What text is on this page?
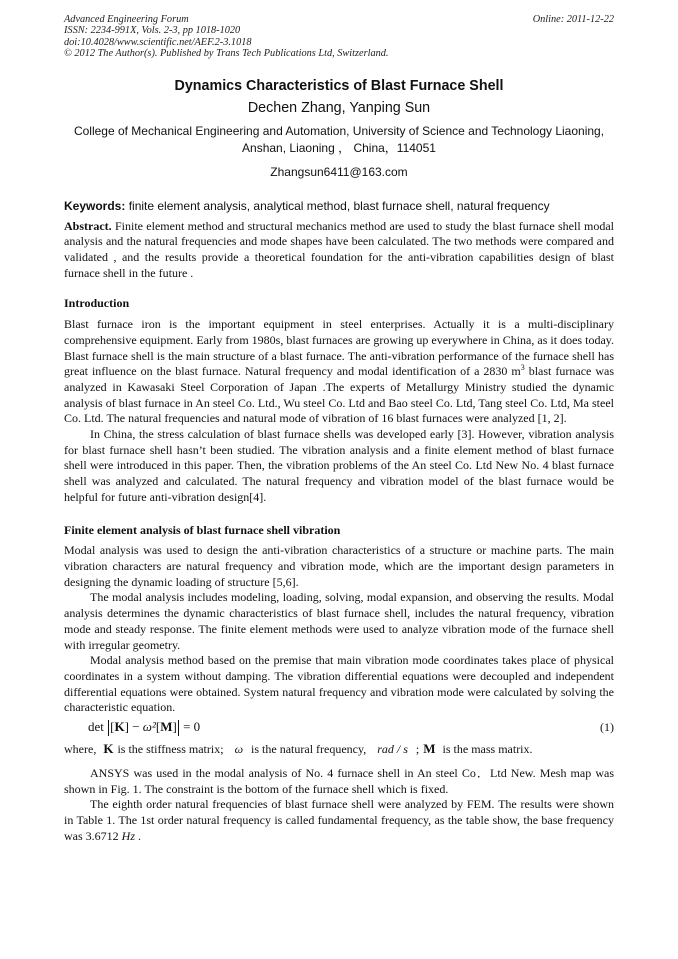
Advanced Engineering Forum	Online: 2011-12-22
ISSN: 2234-991X, Vols. 2-3, pp 1018-1020
doi:10.4028/www.scientific.net/AEF.2-3.1018
© 2012 The Author(s). Published by Trans Tech Publications Ltd, Switzerland.
Dynamics Characteristics of Blast Furnace Shell
Dechen Zhang, Yanping Sun
College of Mechanical Engineering and Automation, University of Science and Technology Liaoning,
Anshan, Liaoning ， China，114051
Zhangsun6411@163.com
Keywords: finite element analysis, analytical method, blast furnace shell, natural frequency

Abstract. Finite element method and structural mechanics method are used to study the blast furnace shell modal analysis and the natural frequencies and mode shapes have been calculated. The two methods were compared and validated , and the results provide a theoretical foundation for the anti-vibration capabilities design of blast furnace shell in the future .

Introduction

Blast furnace iron is the important equipment in steel enterprises. Actually it is a multi-disciplinary comprehensive equipment. Early from 1980s, blast furnaces are growing up everywhere in China, as it does today. Blast furnace shell is the main structure of a blast furnace. The anti-vibration performance of the furnace shell has great influence on the blast furnace. Natural frequency and modal identification of a 2830 $m^3$ blast furnace was analyzed in Kawasaki Steel Corporation of Japan .The experts of Metallurgy Ministry studied the dynamic analysis of blast furnace in An steel Co. Ltd., Wu steel Co. Ltd and Bao steel Co. Ltd, Tang steel Co. Ltd, Ma steel Co. Ltd. The natural frequencies and natural mode of vibration of 16 blast furnaces were analyzed [1, 2].

In China, the stress calculation of blast furnace shells was developed early [3]. However, vibration analysis for blast furnace shell hasn’t been studied. The vibration analysis and a finite element method of blast furnace shell were introduced in this paper. Then, the vibration problems of the An steel Co. Ltd New No. 4 blast furnace shell was analyzed and calculated. The natural frequency and vibration model of the blast furnace would be helpful for future anti-vibration design[4].

Finite element analysis of blast furnace shell vibration

Modal analysis was used to design the anti-vibration characteristics of a structure or machine parts. The main vibration characters are natural frequency and vibration mode, which are the important design parameters in designing the dynamic loading of structure [5,6].

The modal analysis includes modeling, loading, solving, modal expansion, and observing the results. Modal analysis determines the dynamic characteristics of blast furnace shell, includes the natural frequency, vibration mode and steady response. The finite element methods were used to analyze vibration mode of the furnace shell with irregular geometry.

Modal analysis method based on the premise that main vibration mode coordinates takes place of physical coordinates in a system without damping. The vibration differential equations were decoupled and independent differential equations were obtained. System natural frequency and vibration mode were calculated by solving the characteristic equation.

det [K] − ω²[M] = 0	(1)
where, K is the stiffness matrix; ω is the natural frequency, rad / s ; M is the mass matrix.

ANSYS was used in the modal analysis of No. 4 furnace shell in An steel Co．Ltd New. Mesh map was shown in Fig. 1. The constraint is the bottom of the furnace shell which is fixed.

The eighth order natural frequencies of blast furnace shell were analyzed by FEM. The results were shown in Table 1. The 1st order natural frequency is called fundamental frequency, as the table show, the base frequency was 3.6712 Hz .
